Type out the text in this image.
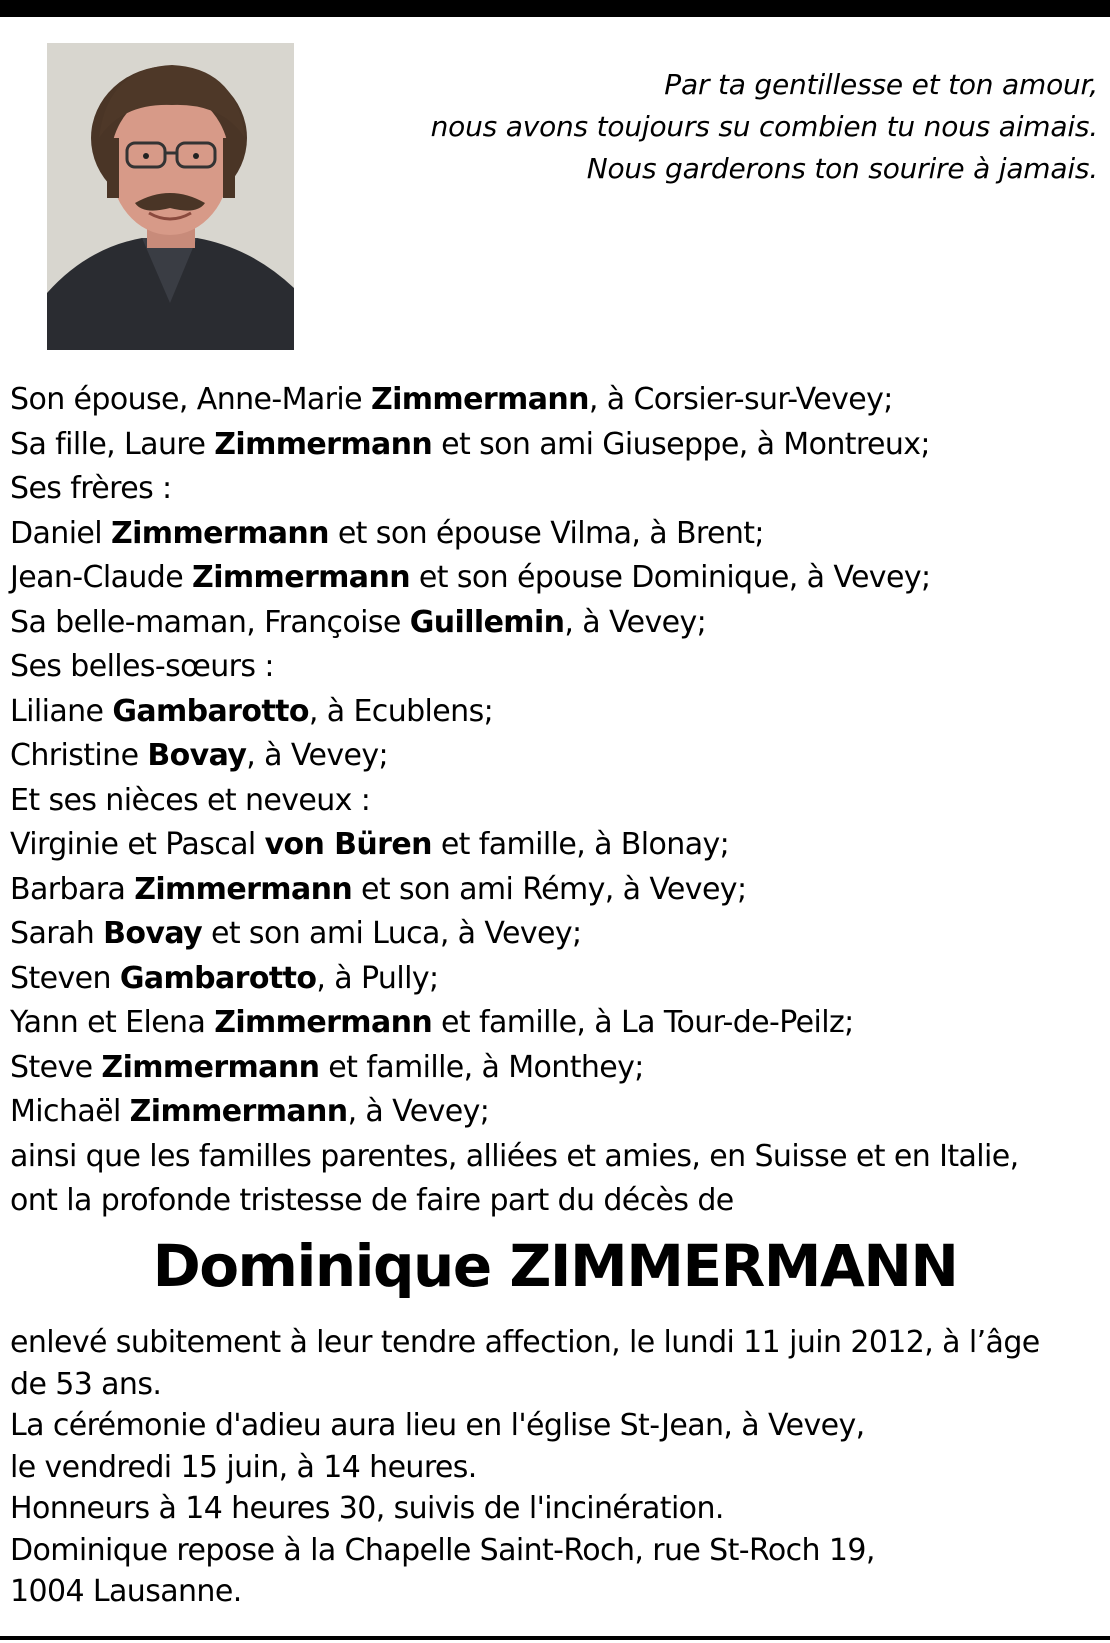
Par ta gentillesse et ton amour,
nous avons toujours su combien tu nous aimais.
Nous garderons ton sourire à jamais.
Son épouse, Anne-Marie Zimmermann, à Corsier-sur-Vevey;
Sa fille, Laure Zimmermann et son ami Giuseppe, à Montreux;
Ses frères :
Daniel Zimmermann et son épouse Vilma, à Brent;
Jean-Claude Zimmermann et son épouse Dominique, à Vevey;
Sa belle-maman, Françoise Guillemin, à Vevey;
Ses belles-sœurs :
Liliane Gambarotto, à Ecublens;
Christine Bovay, à Vevey;
Et ses nièces et neveux :
Virginie et Pascal von Büren et famille, à Blonay;
Barbara Zimmermann et son ami Rémy, à Vevey;
Sarah Bovay et son ami Luca, à Vevey;
Steven Gambarotto, à Pully;
Yann et Elena Zimmermann et famille, à La Tour-de-Peilz;
Steve Zimmermann et famille, à Monthey;
Michaël Zimmermann, à Vevey;
ainsi que les familles parentes, alliées et amies, en Suisse et en Italie,
ont la profonde tristesse de faire part du décès de
Dominique ZIMMERMANN
enlevé subitement à leur tendre affection, le lundi 11 juin 2012, à l’âge
de 53 ans.
La cérémonie d'adieu aura lieu en l'église St-Jean, à Vevey,
le vendredi 15 juin, à 14 heures.
Honneurs à 14 heures 30, suivis de l'incinération.
Dominique repose à la Chapelle Saint-Roch, rue St-Roch 19,
1004 Lausanne.
